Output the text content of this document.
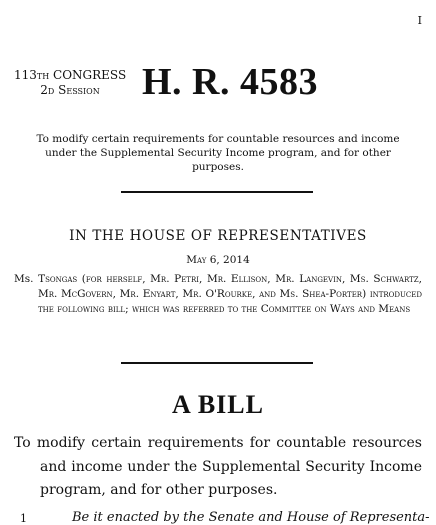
I
113th CONGRESS
2d Session	H. R. 4583
To modify certain requirements for countable resources and income under the Supplemental Security Income program, and for other purposes.
IN THE HOUSE OF REPRESENTATIVES
May 6, 2014
Ms. Tsongas (for herself, Mr. Petri, Mr. Ellison, Mr. Langevin, Ms. Schwartz, Mr. McGovern, Mr. Enyart, Mr. O'Rourke, and Ms. Shea-Porter) introduced the following bill; which was referred to the Committee on Ways and Means
A BILL
To modify certain requirements for countable resources and income under the Supplemental Security Income program, and for other purposes.
1	Be it enacted by the Senate and House of Representa-
